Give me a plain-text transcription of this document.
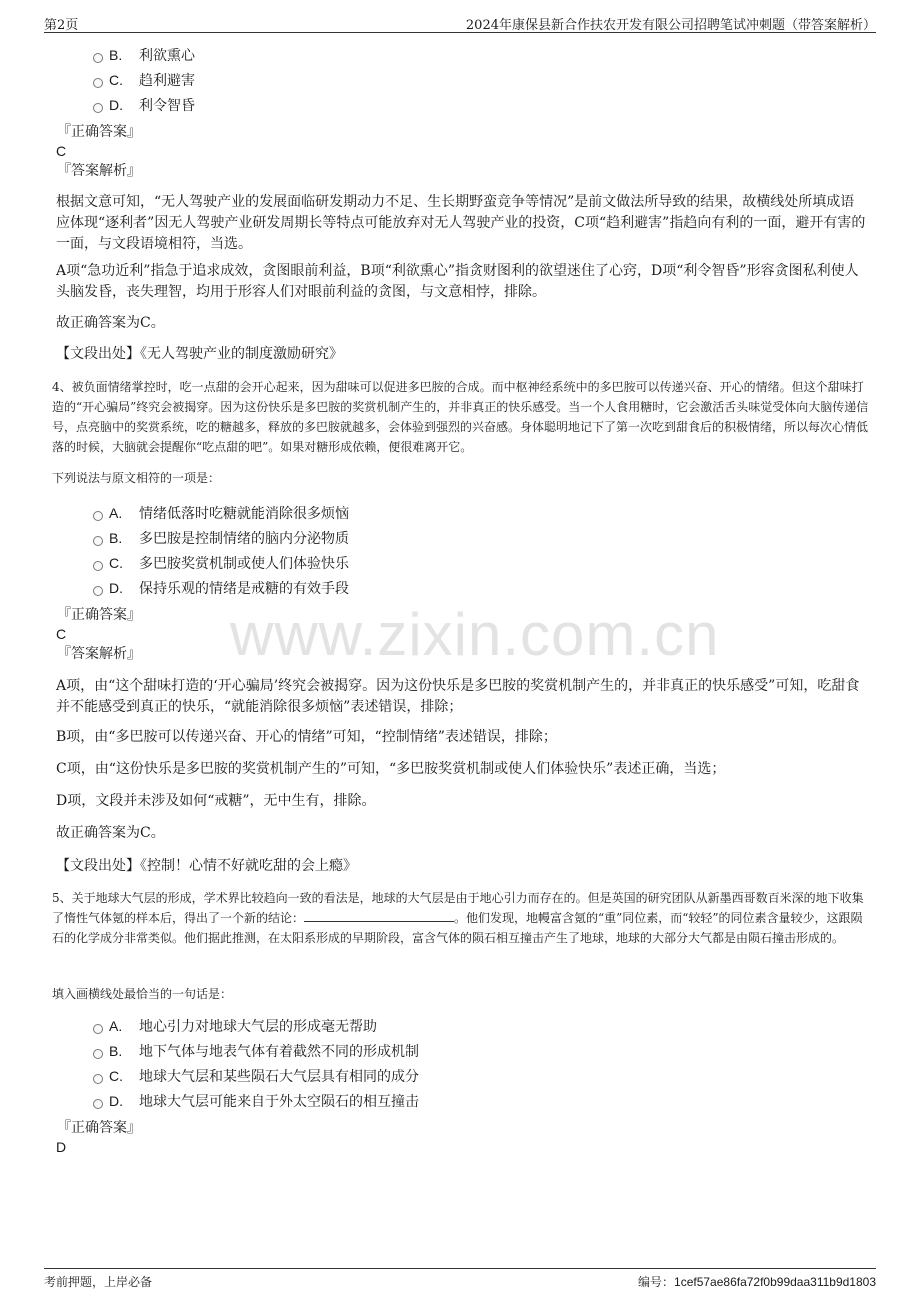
第2页	2024年康保县新合作扶农开发有限公司招聘笔试冲刺题（带答案解析）
B. 利欲熏心
C. 趋利避害
D. 利令智昏
『正确答案』
C
『答案解析』
根据文意可知，“无人驾驶产业的发展面临研发期动力不足、生长期野蛮竞争等情况”是前文做法所导致的结果，故横线处所填成语应体现“逐利者”因无人驾驶产业研发周期长等特点可能放弃对无人驾驶产业的投资，C项“趋利避害”指趋向有利的一面，避开有害的一面，与文段语境相符，当选。
A项“急功近利”指急于追求成效，贪图眼前利益，B项“利欲熏心”指贪财图利的欲望迷住了心窍，D项“利令智昏”形容贪图私利使人头脑发昏，丧失理智，均用于形容人们对眼前利益的贪图，与文意相悖，排除。
故正确答案为C。
【文段出处】《无人驾驶产业的制度激励研究》
4、被负面情绪掌控时，吃一点甜的会开心起来，因为甜味可以促进多巴胺的合成。而中枢神经系统中的多巴胺可以传递兴奋、开心的情绪。但这个甜味打造的“开心骗局”终究会被揭穿。因为这份快乐是多巴胺的奖赏机制产生的，并非真正的快乐感受。当一个人食用糖时，它会激活舌头味觉受体向大脑传递信号，点亮脑中的奖赏系统，吃的糖越多，释放的多巴胺就越多，会体验到强烈的兴奋感。身体聪明地记下了第一次吃到甜食后的积极情绪，所以每次心情低落的时候，大脑就会提醒你“吃点甜的吧”。如果对糖形成依赖，便很难离开它。
下列说法与原文相符的一项是：
A. 情绪低落时吃糖就能消除很多烦恼
B. 多巴胺是控制情绪的脑内分泌物质
C. 多巴胺奖赏机制或使人们体验快乐
D. 保持乐观的情绪是戒糖的有效手段
『正确答案』
C
『答案解析』
A项，由“这个甜味打造的‘开心骗局’终究会被揭穿。因为这份快乐是多巴胺的奖赏机制产生的，并非真正的快乐感受”可知，吃甜食并不能感受到真正的快乐，“就能消除很多烦恼”表述错误，排除；
B项，由“多巴胺可以传递兴奋、开心的情绪”可知，“控制情绪”表述错误，排除；
C项，由“这份快乐是多巴胺的奖赏机制产生的”可知，“多巴胺奖赏机制或使人们体验快乐”表述正确，当选；
D项，文段并未涉及如何“戒糖”，无中生有，排除。
故正确答案为C。
【文段出处】《控制！心情不好就吃甜的会上瘾》
5、关于地球大气层的形成，学术界比较趋向一致的看法是，地球的大气层是由于地心引力而存在的。但是英国的研究团队从新墨西哥数百米深的地下收集了惰性气体氪的样本后，得出了一个新的结论：	。他们发现，地幔富含氪的“重”同位素，而“较轻”的同位素含量较少，这跟陨石的化学成分非常类似。他们据此推测，在太阳系形成的早期阶段，富含气体的陨石相互撞击产生了地球，地球的大部分大气都是由陨石撞击形成的。
填入画横线处最恰当的一句话是：
A. 地心引力对地球大气层的形成毫无帮助
B. 地下气体与地表气体有着截然不同的形成机制
C. 地球大气层和某些陨石大气层具有相同的成分
D. 地球大气层可能来自于外太空陨石的相互撞击
『正确答案』
D
www.zixin.com.cn
考前押题，上岸必备	编号：1cef57ae86fa72f0b99daa311b9d1803
